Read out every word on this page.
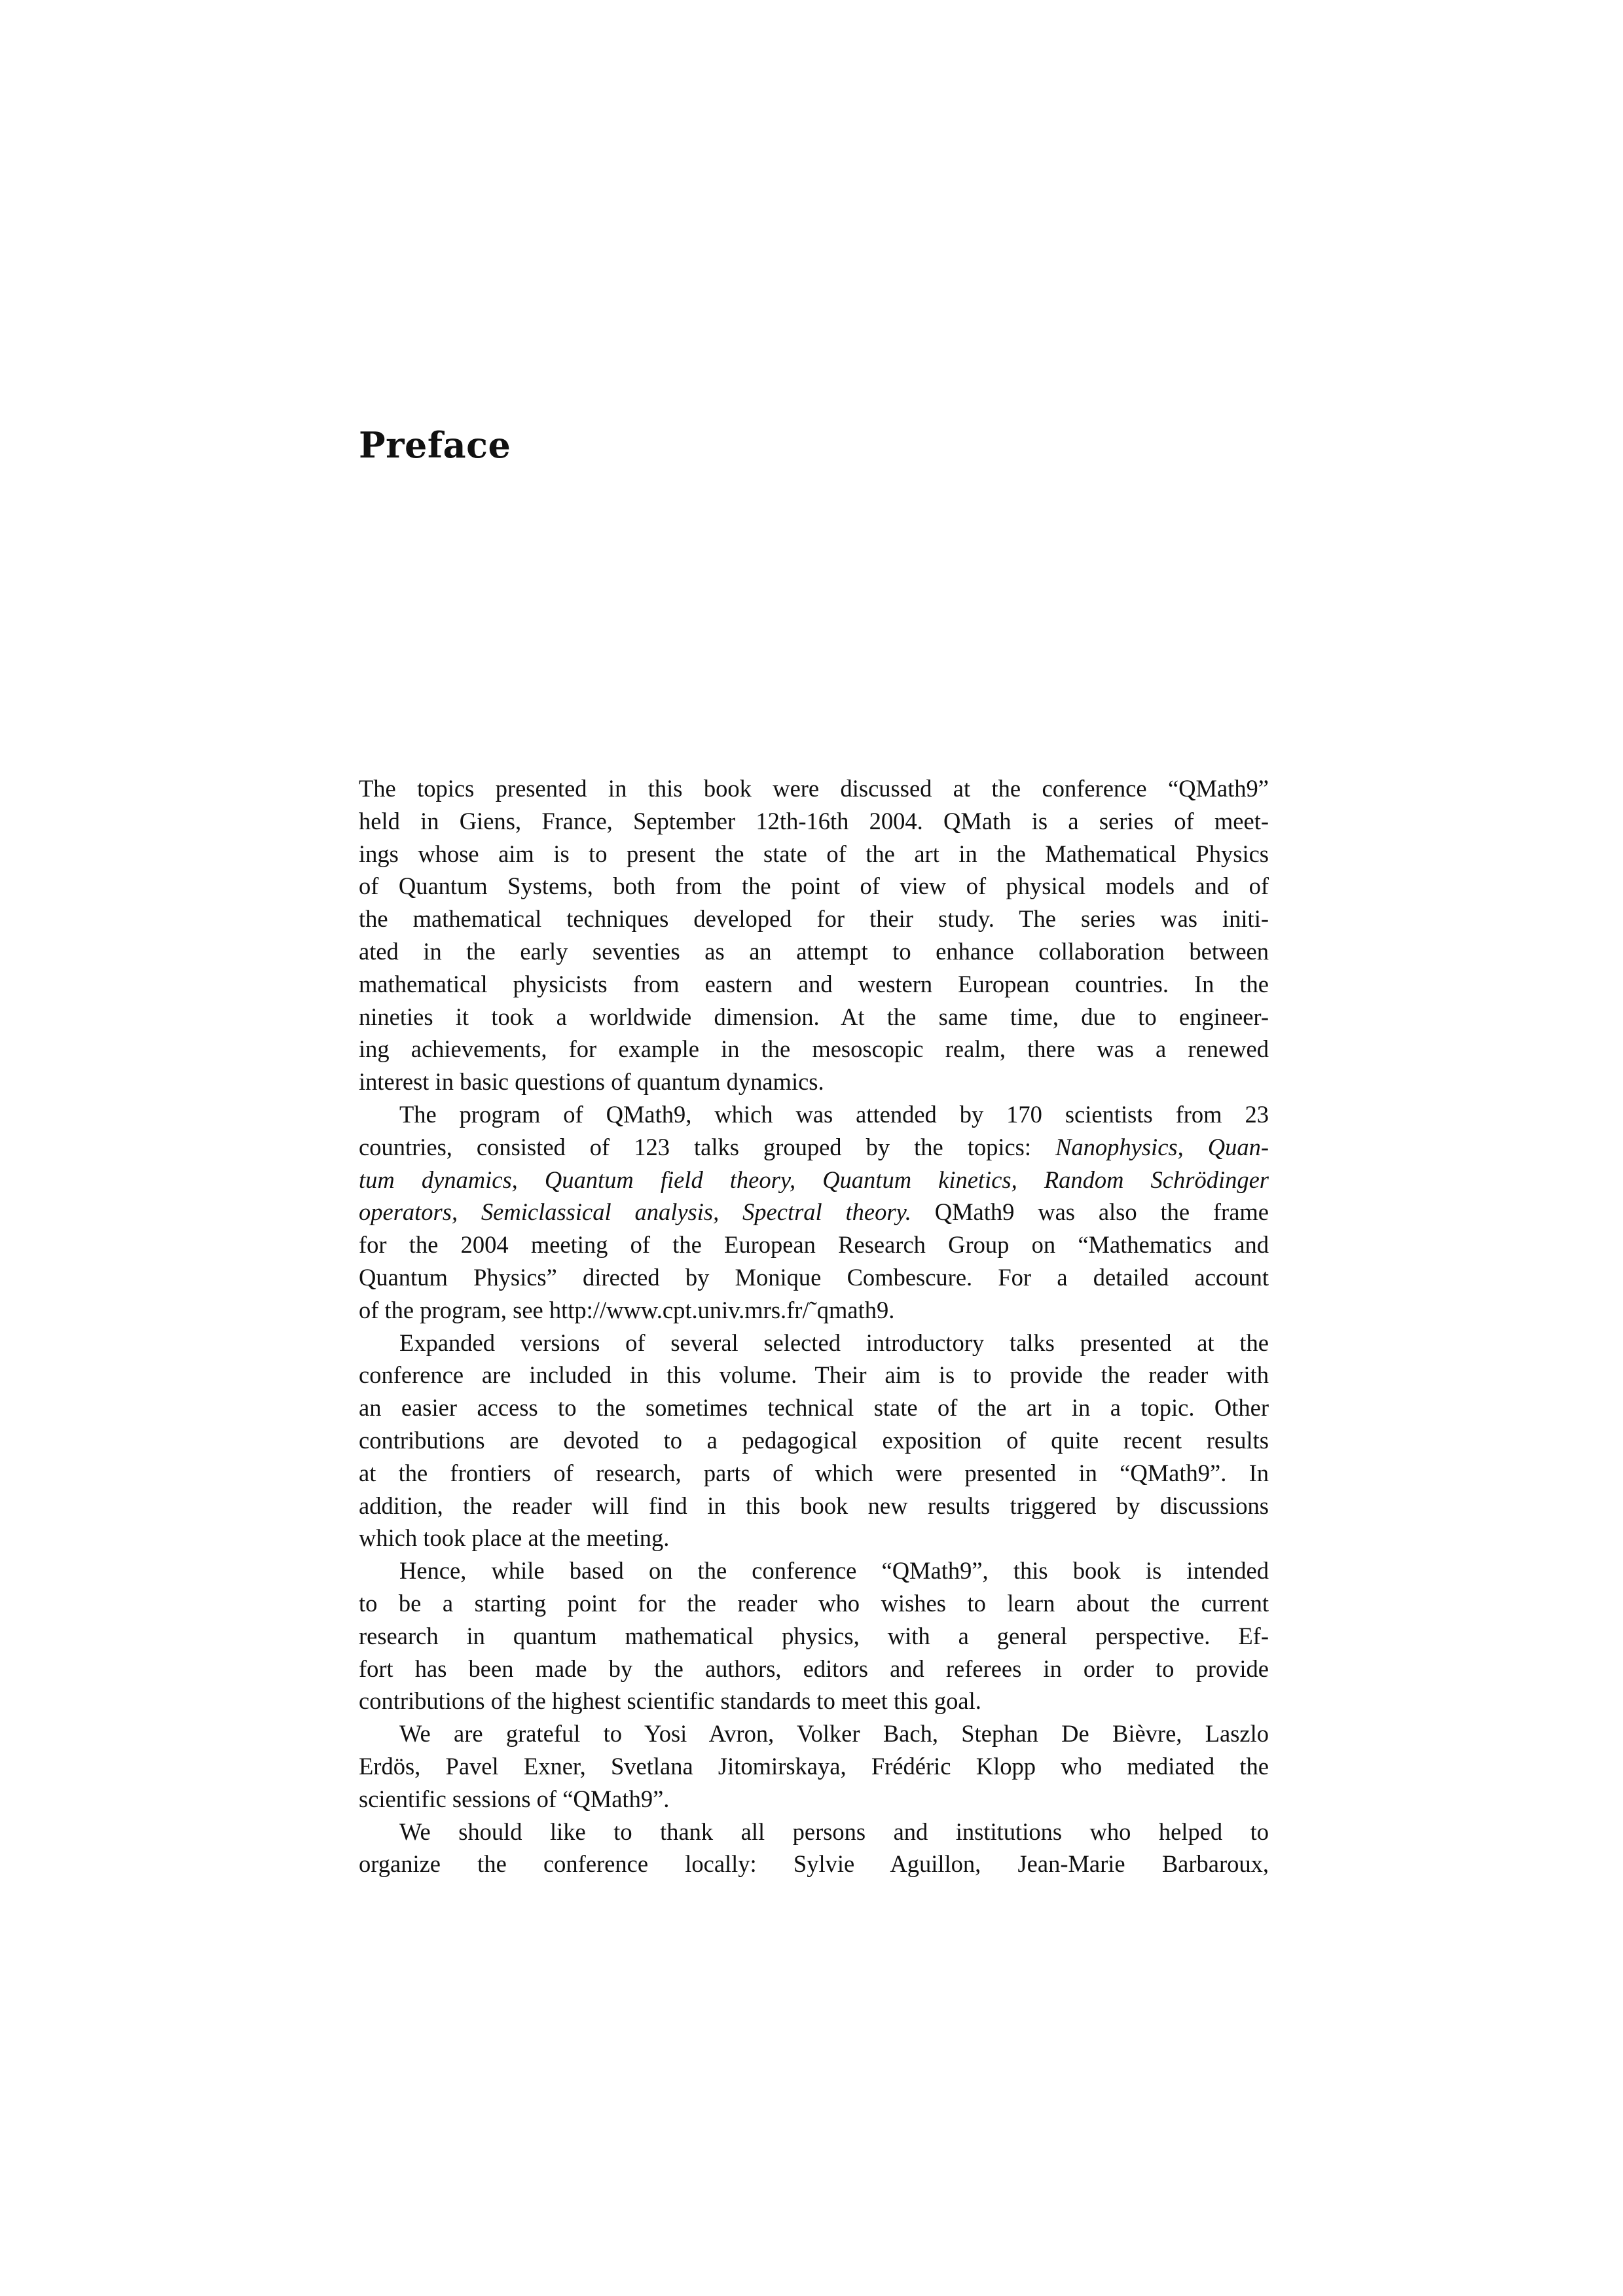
Preface
The topics presented in this book were discussed at the conference “QMath9”
held in Giens, France, September 12th-16th 2004. QMath is a series of meet-
ings whose aim is to present the state of the art in the Mathematical Physics
of Quantum Systems, both from the point of view of physical models and of
the mathematical techniques developed for their study. The series was initi-
ated in the early seventies as an attempt to enhance collaboration between
mathematical physicists from eastern and western European countries. In the
nineties it took a worldwide dimension. At the same time, due to engineer-
ing achievements, for example in the mesoscopic realm, there was a renewed
interest in basic questions of quantum dynamics.
The program of QMath9, which was attended by 170 scientists from 23
countries, consisted of 123 talks grouped by the topics: Nanophysics, Quan-
tum dynamics, Quantum field theory, Quantum kinetics, Random Schrödinger
operators, Semiclassical analysis, Spectral theory. QMath9 was also the frame
for the 2004 meeting of the European Research Group on “Mathematics and
Quantum Physics” directed by Monique Combescure. For a detailed account
of the program, see http://www.cpt.univ.mrs.fr/˜qmath9.
Expanded versions of several selected introductory talks presented at the
conference are included in this volume. Their aim is to provide the reader with
an easier access to the sometimes technical state of the art in a topic. Other
contributions are devoted to a pedagogical exposition of quite recent results
at the frontiers of research, parts of which were presented in “QMath9”. In
addition, the reader will find in this book new results triggered by discussions
which took place at the meeting.
Hence, while based on the conference “QMath9”, this book is intended
to be a starting point for the reader who wishes to learn about the current
research in quantum mathematical physics, with a general perspective. Ef-
fort has been made by the authors, editors and referees in order to provide
contributions of the highest scientific standards to meet this goal.
We are grateful to Yosi Avron, Volker Bach, Stephan De Bièvre, Laszlo
Erdös, Pavel Exner, Svetlana Jitomirskaya, Frédéric Klopp who mediated the
scientific sessions of “QMath9”.
We should like to thank all persons and institutions who helped to
organize the conference locally: Sylvie Aguillon, Jean-Marie Barbaroux,
